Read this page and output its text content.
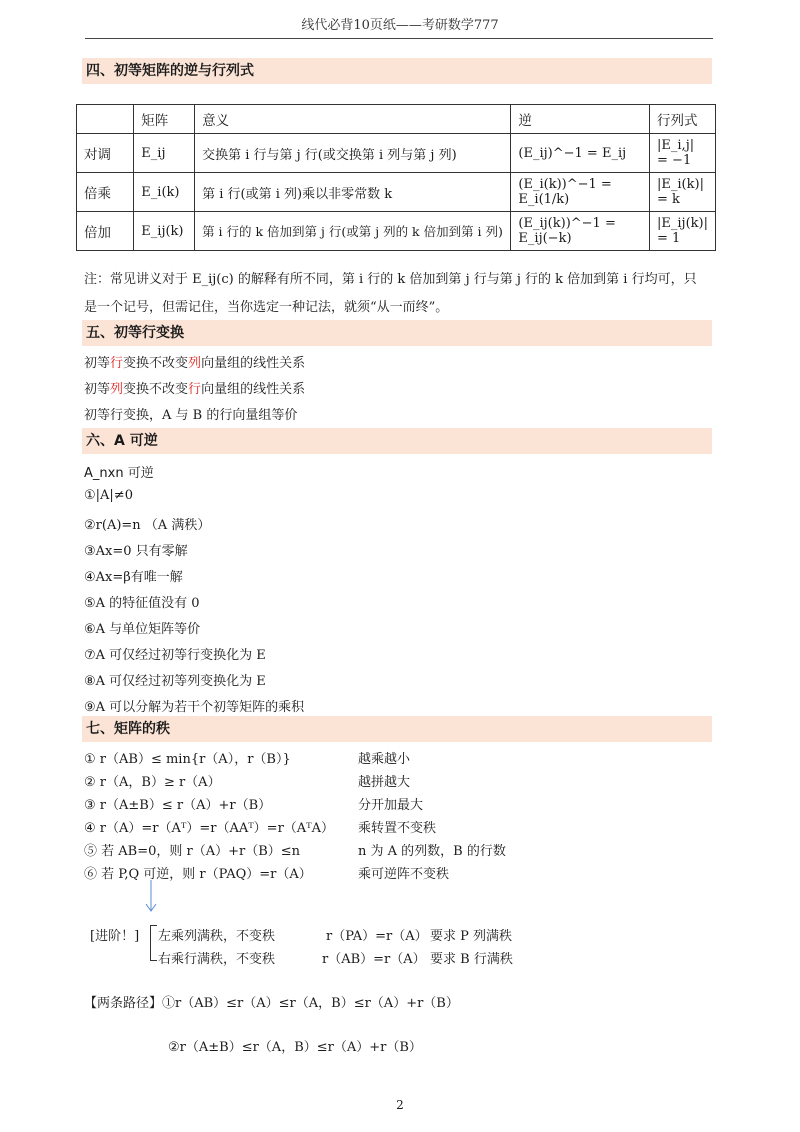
线代必背10页纸——考研数学777
四、初等矩阵的逆与行列式
	矩阵	意义	逆	行列式
对调	E_ij	交换第 i 行与第 j 行(或交换第 i 列与第 j 列)	(E_ij)^−1 = E_ij	|E_i,j| = −1
倍乘	E_i(k)	第 i 行(或第 i 列)乘以非零常数 k	(E_i(k))^−1 = E_i(1/k)	|E_i(k)| = k
倍加	E_ij(k)	第 i 行的 k 倍加到第 j 行(或第 j 列的 k 倍加到第 i 列)	(E_ij(k))^−1 = E_ij(−k)	|E_ij(k)| = 1
注：常见讲义对于 E_ij(c) 的解释有所不同，第 i 行的 k 倍加到第 j 行与第 j 行的 k 倍加到第 i 行均可，只
是一个记号，但需记住，当你选定一种记法，就须“从一而终”。
五、初等行变换
初等行变换不改变列向量组的线性关系
初等列变换不改变行向量组的线性关系
初等行变换，A 与 B 的行向量组等价
六、A 可逆
A_nxn 可逆
①|A|≠0
②r(A)=n （A 满秩）
③Ax=0 只有零解
④Ax=β有唯一解
⑤A 的特征值没有 0
⑥A 与单位矩阵等价
⑦A 可仅经过初等行变换化为 E
⑧A 可仅经过初等列变换化为 E
⑨A 可以分解为若干个初等矩阵的乘积
七、矩阵的秩
① r（AB）≤ min{r（A），r（B）}	越乘越小
② r（A，B）≥ r（A）	越拼越大
③ r（A±B）≤ r（A）+r（B）	分开加最大
④ r（A）=r（Aᵀ）=r（AAᵀ）=r（AᵀA） 乘转置不变秩
⑤ 若 AB=0，则 r（A）+r（B）≤n	n 为 A 的列数，B 的行数
⑥ 若 P,Q 可逆，则 r（PAQ）=r（A）	乘可逆阵不变秩
[进阶！] 左乘列满秩，不变秩	r（PA）=r（A） 要求 P 列满秩
右乘行满秩，不变秩	r（AB）=r（A） 要求 B 行满秩
【两条路径】①r（AB）≤r（A）≤r（A，B）≤r（A）+r（B）
②r（A±B）≤r（A，B）≤r（A）+r（B）
2
